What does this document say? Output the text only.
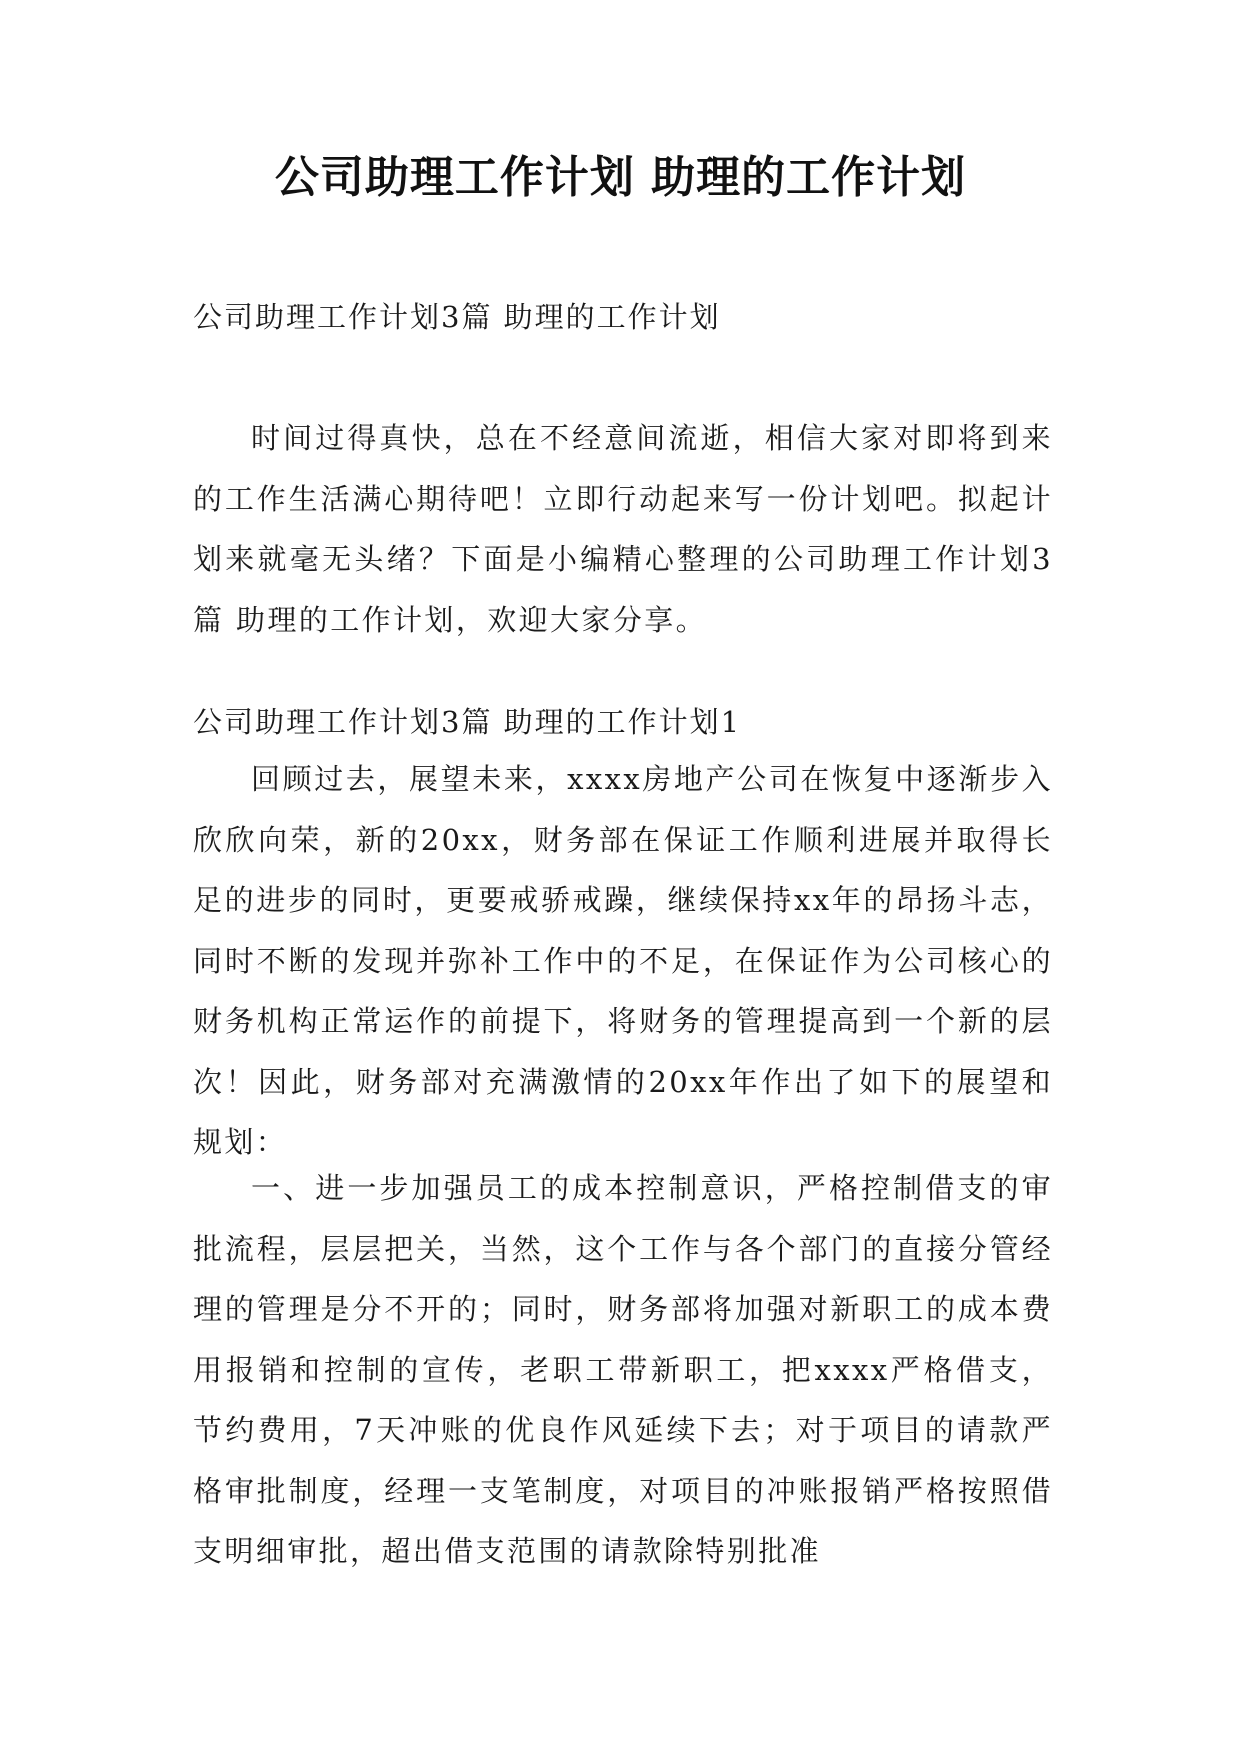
公司助理工作计划 助理的工作计划
公司助理工作计划3篇 助理的工作计划
时间过得真快，总在不经意间流逝，相信大家对即将到来的工作生活满心期待吧！立即行动起来写一份计划吧。拟起计划来就毫无头绪？下面是小编精心整理的公司助理工作计划3篇 助理的工作计划，欢迎大家分享。
公司助理工作计划3篇 助理的工作计划1
回顾过去，展望未来，xxxx房地产公司在恢复中逐渐步入欣欣向荣，新的20xx，财务部在保证工作顺利进展并取得长足的进步的同时，更要戒骄戒躁，继续保持xx年的昂扬斗志，同时不断的发现并弥补工作中的不足，在保证作为公司核心的财务机构正常运作的前提下，将财务的管理提高到一个新的层次！因此，财务部对充满激情的20xx年作出了如下的展望和规划：
一、进一步加强员工的成本控制意识，严格控制借支的审批流程，层层把关，当然，这个工作与各个部门的直接分管经理的管理是分不开的；同时，财务部将加强对新职工的成本费用报销和控制的宣传，老职工带新职工，把xxxx严格借支，节约费用，7天冲账的优良作风延续下去；对于项目的请款严格审批制度，经理一支笔制度，对项目的冲账报销严格按照借支明细审批，超出借支范围的请款除特别批准
